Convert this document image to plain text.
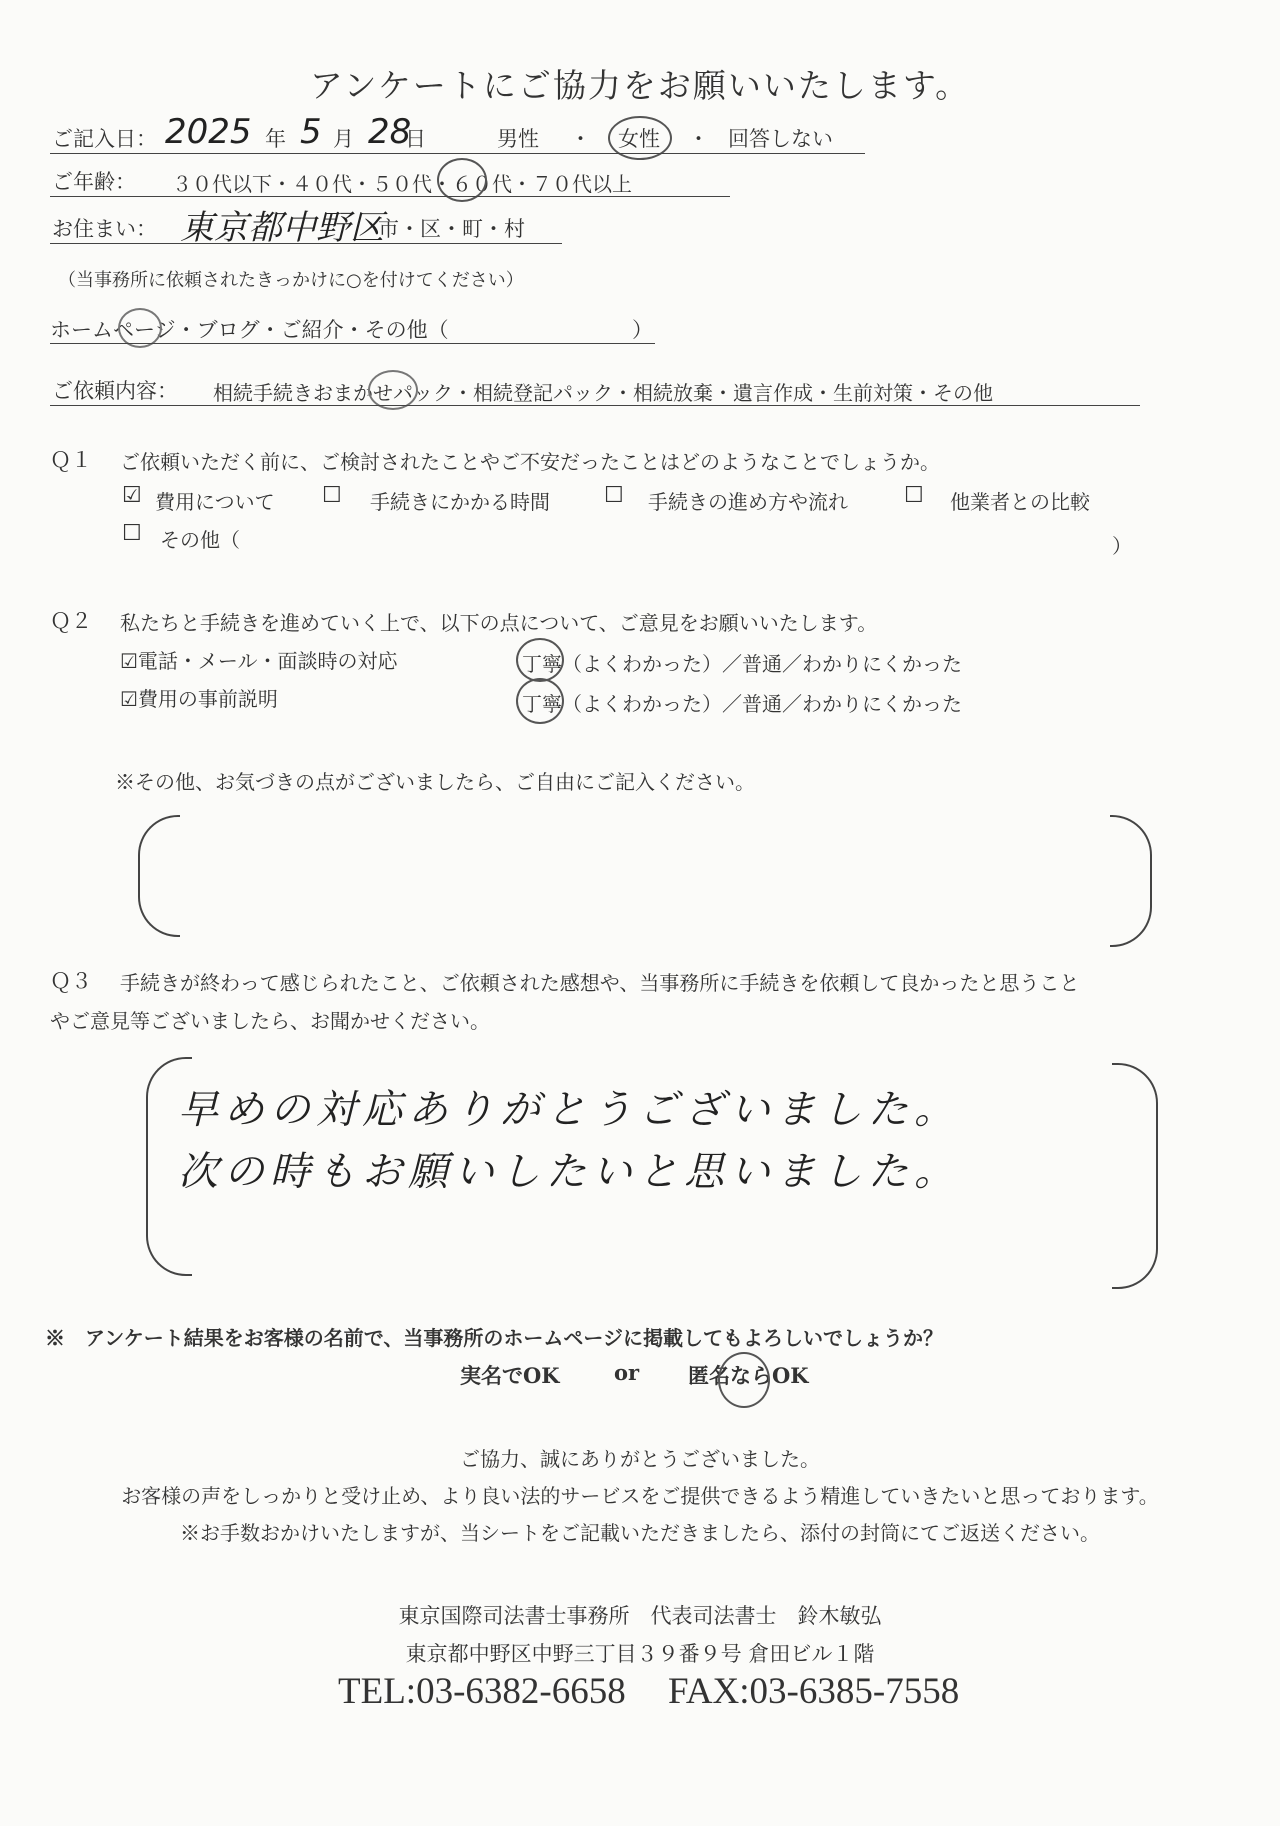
アンケートにご協力をお願いいたします。
ご記入日： 2025 年 5 月 28
日	男性 ・ 女性 ・ 回答しない
ご年齢： ３０代以下・４０代・５０代・６０代・７０代以上
お住まい： 東京都中野区
市・区・町・村
（当事務所に依頼されたきっかけに○を付けてください）
ホームページ・ブログ・ご紹介・その他（	）
ご依頼内容： 相続手続きおまかせパック・相続登記パック・相続放棄・遺言作成・生前対策・その他
Ｑ１ ご依頼いただく前に、ご検討されたことやご不安だったことはどのようなことでしょうか。
☑ 費用について ☐ 手続きにかかる時間 ☐ 手続きの進め方や流れ	☐ 他業者との比較
☐ その他（	）
Ｑ２ 私たちと手続きを進めていく上で、以下の点について、ご意見をお願いいたします。
☑電話・メール・面談時の対応	丁寧（よくわかった）／普通／わかりにくかった
☑費用の事前説明	丁寧（よくわかった）／普通／わかりにくかった
※その他、お気づきの点がございましたら、ご自由にご記入ください。
Ｑ３ 手続きが終わって感じられたこと、ご依頼された感想や、当事務所に手続きを依頼して良かったと思うこと
やご意見等ございましたら、お聞かせください。
早めの対応ありがとうございました。
次の時もお願いしたいと思いました。
※　アンケート結果をお客様の名前で、当事務所のホームページに掲載してもよろしいでしょうか？
実名でOK	or 匿名ならOK
ご協力、誠にありがとうございました。
お客様の声をしっかりと受け止め、より良い法的サービスをご提供できるよう精進していきたいと思っております。
※お手数おかけいたしますが、当シートをご記載いただきましたら、添付の封筒にてご返送ください。
東京国際司法書士事務所　代表司法書士　鈴木敏弘
東京都中野区中野三丁目３９番９号 倉田ビル１階
TEL:03-6382-6658 FAX:03-6385-7558
